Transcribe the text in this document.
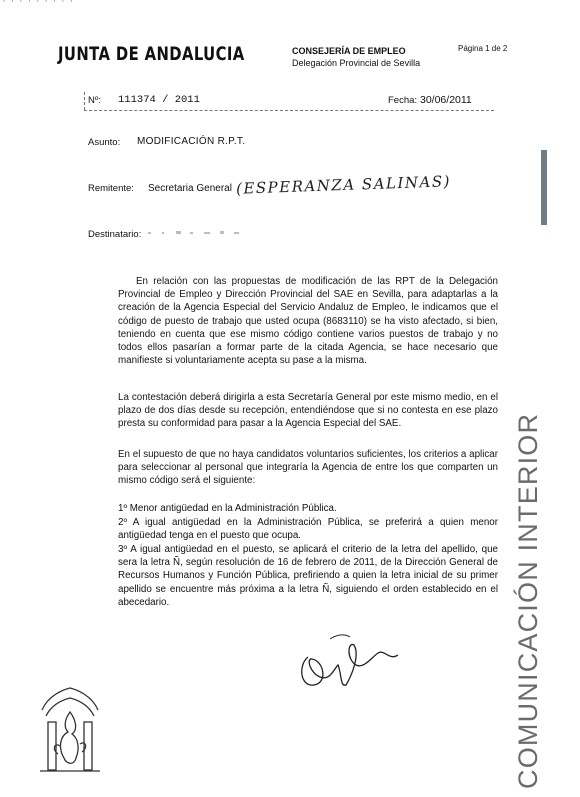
· · · · · · · · ·
JUNTA DE ANDALUCIA	CONSEJERÍA DE EMPLEO
Delegación Provincial de Sevilla
Página 1 de 2
Nº: 111374 / 2011	Fecha: 30/06/2011
Asunto: MODIFICACIÓN R.P.T.
Remitente: Secretaria General (ESPERANZA SALINAS)
Destinatario:
En relación con las propuestas de modificación de las RPT de la Delegación Provincial de Empleo y Dirección Provincial del SAE en Sevilla, para adaptarlas a la creación de la Agencia Especial del Servicio Andaluz de Empleo, le indicamos que el código de puesto de trabajo que usted ocupa (8683110) se ha visto afectado, si bien, teniendo en cuenta que ese mismo código contiene varios puestos de trabajo y no todos ellos pasarían a formar parte de la citada Agencia, se hace necesario que manifieste si voluntariamente acepta su pase a la misma.
La contestación deberá dirigirla a esta Secretaría General por este mismo medio, en el plazo de dos días desde su recepción, entendiéndose que si no contesta en ese plazo presta su conformidad para pasar a la Agencia Especial del SAE.
En el supuesto de que no haya candidatos voluntarios suficientes, los criterios a aplicar para seleccionar al personal que integraría la Agencia de entre los que comparten un mismo código será el siguiente:
1º Menor antigüedad en la Administración Pública.
2º A igual antigüedad en la Administración Pública, se preferirá a quien menor antigüedad tenga en el puesto que ocupa.
3º A igual antigüedad en el puesto, se aplicará el criterio de la letra del apellido, que sera la letra Ñ, según resolución de 16 de febrero de 2011, de la Dirección General de Recursos Humanos y Función Pública, prefiriendo a quien la letra inicial de su primer apellido se encuentre más próxima a la letra Ñ, siguiendo el orden establecido en el abecedario.	COMUNICACIÓN INTERIOR
